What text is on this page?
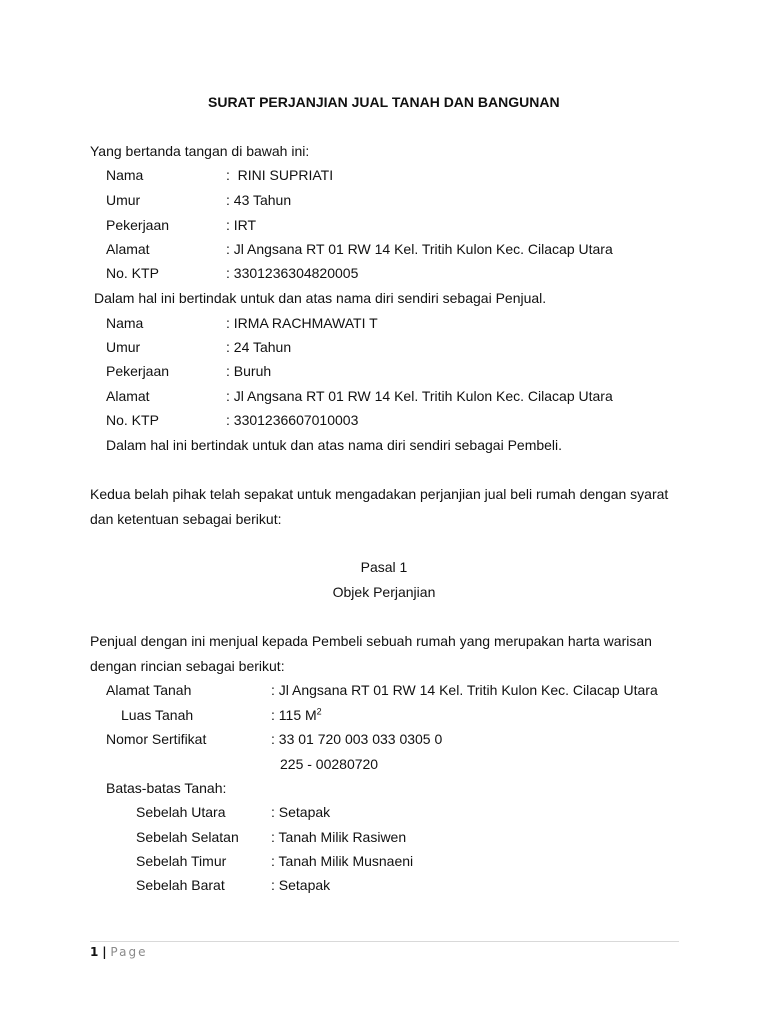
SURAT PERJANJIAN JUAL TANAH DAN BANGUNAN
Yang bertanda tangan di bawah ini:
Nama	:  RINI SUPRIATI
Umur	: 43 Tahun
Pekerjaan	: IRT
Alamat	: Jl Angsana RT 01 RW 14 Kel. Tritih Kulon Kec. Cilacap Utara
No. KTP	: 3301236304820005
Dalam hal ini bertindak untuk dan atas nama diri sendiri sebagai Penjual.
Nama	: IRMA RACHMAWATI T
Umur	: 24 Tahun
Pekerjaan	: Buruh
Alamat	: Jl Angsana RT 01 RW 14 Kel. Tritih Kulon Kec. Cilacap Utara
No. KTP	: 3301236607010003
Dalam hal ini bertindak untuk dan atas nama diri sendiri sebagai Pembeli.
Kedua belah pihak telah sepakat untuk mengadakan perjanjian jual beli rumah dengan syarat
dan ketentuan sebagai berikut:
Pasal 1
Objek Perjanjian
Penjual dengan ini menjual kepada Pembeli sebuah rumah yang merupakan harta warisan
dengan rincian sebagai berikut:
Alamat Tanah	: Jl Angsana RT 01 RW 14 Kel. Tritih Kulon Kec. Cilacap Utara
Luas Tanah	: 115 $M^2$
Nomor Sertifikat	: 33 01 720 003 033 0305 0
225 - 00280720
Batas-batas Tanah:
Sebelah Utara	: Setapak
Sebelah Selatan : Tanah Milik Rasiwen
Sebelah Timur	: Tanah Milik Musnaeni
Sebelah Barat	: Setapak
1 | Page
